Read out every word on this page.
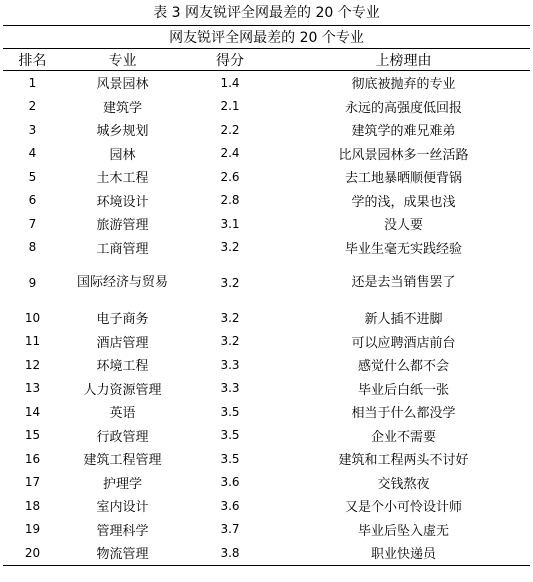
表 3 网友锐评全网最差的 20 个专业
网友锐评全网最差的 20 个专业			
排名	专业	得分	上榜理由
1	风景园林	1.4	彻底被抛弃的专业
2	建筑学	2.1	永远的高强度低回报
3	城乡规划	2.2	建筑学的难兄难弟
4	园林	2.4	比风景园林多一丝活路
5	土木工程	2.6	去工地暴晒顺便背锅
6	环境设计	2.8	学的浅，成果也浅
7	旅游管理	3.1	没人要
8	工商管理	3.2	毕业生毫无实践经验
9	国际经济与贸易	3.2	还是去当销售罢了
10	电子商务	3.2	新人插不进脚
11	酒店管理	3.2	可以应聘酒店前台
12	环境工程	3.3	感觉什么都不会
13	人力资源管理	3.3	毕业后白纸一张
14	英语	3.5	相当于什么都没学
15	行政管理	3.5	企业不需要
16	建筑工程管理	3.5	建筑和工程两头不讨好
17	护理学	3.6	交钱熬夜
18	室内设计	3.6	又是个小可怜设计师
19	管理科学	3.7	毕业后坠入虚无
20	物流管理	3.8	职业快递员
